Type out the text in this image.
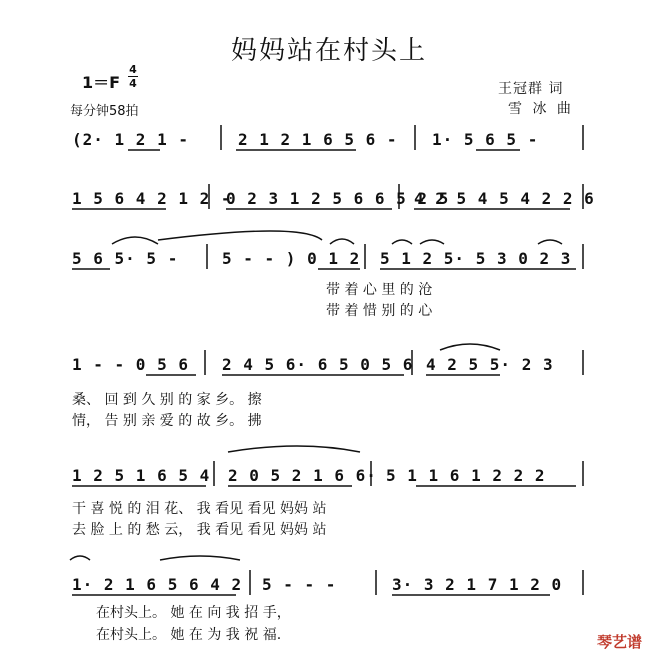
妈妈站在村头上
1＝F
4
4
每分钟58拍
王冠群 词
雪 冰 曲
(2· 1 2 1 -	2 1 2 1 6 5 6 - 1· 5 6 5 -
1 5 6 4 2 1 2 -
0 2 3 1 2 5 6 6 5 2 5
4 2 5 4 5 4 2 2 6
5 6 5· 5 -	5 - - ) 0 1 2 5 1 2 5· 5 3 0 2 3
带 着 心 里 的 沧
带 着 惜 别 的 心
1 - - 0 5 6 2 4 5 6· 6 5 0 5 6 4 2 5 5· 2 3
桑、 回 到 久 别 的 家 乡。 擦
情， 告 别 亲 爱 的 故 乡。 拂
1 2 5 1 6 5 4 2 0 5 2 1 6 6· 5 1 1 6 1 2 2 2
干 喜 悦 的 泪 花、 我 看见 看见 妈妈 站
去 脸 上 的 愁 云， 我 看见 看见 妈妈 站
1· 2 1 6 5 6 4 2 5 - - -	3· 3 2 1 7 1 2 0
在村头上。 她 在 向 我 招 手，
在村头上。 她 在 为 我 祝 福.	琴艺谱
